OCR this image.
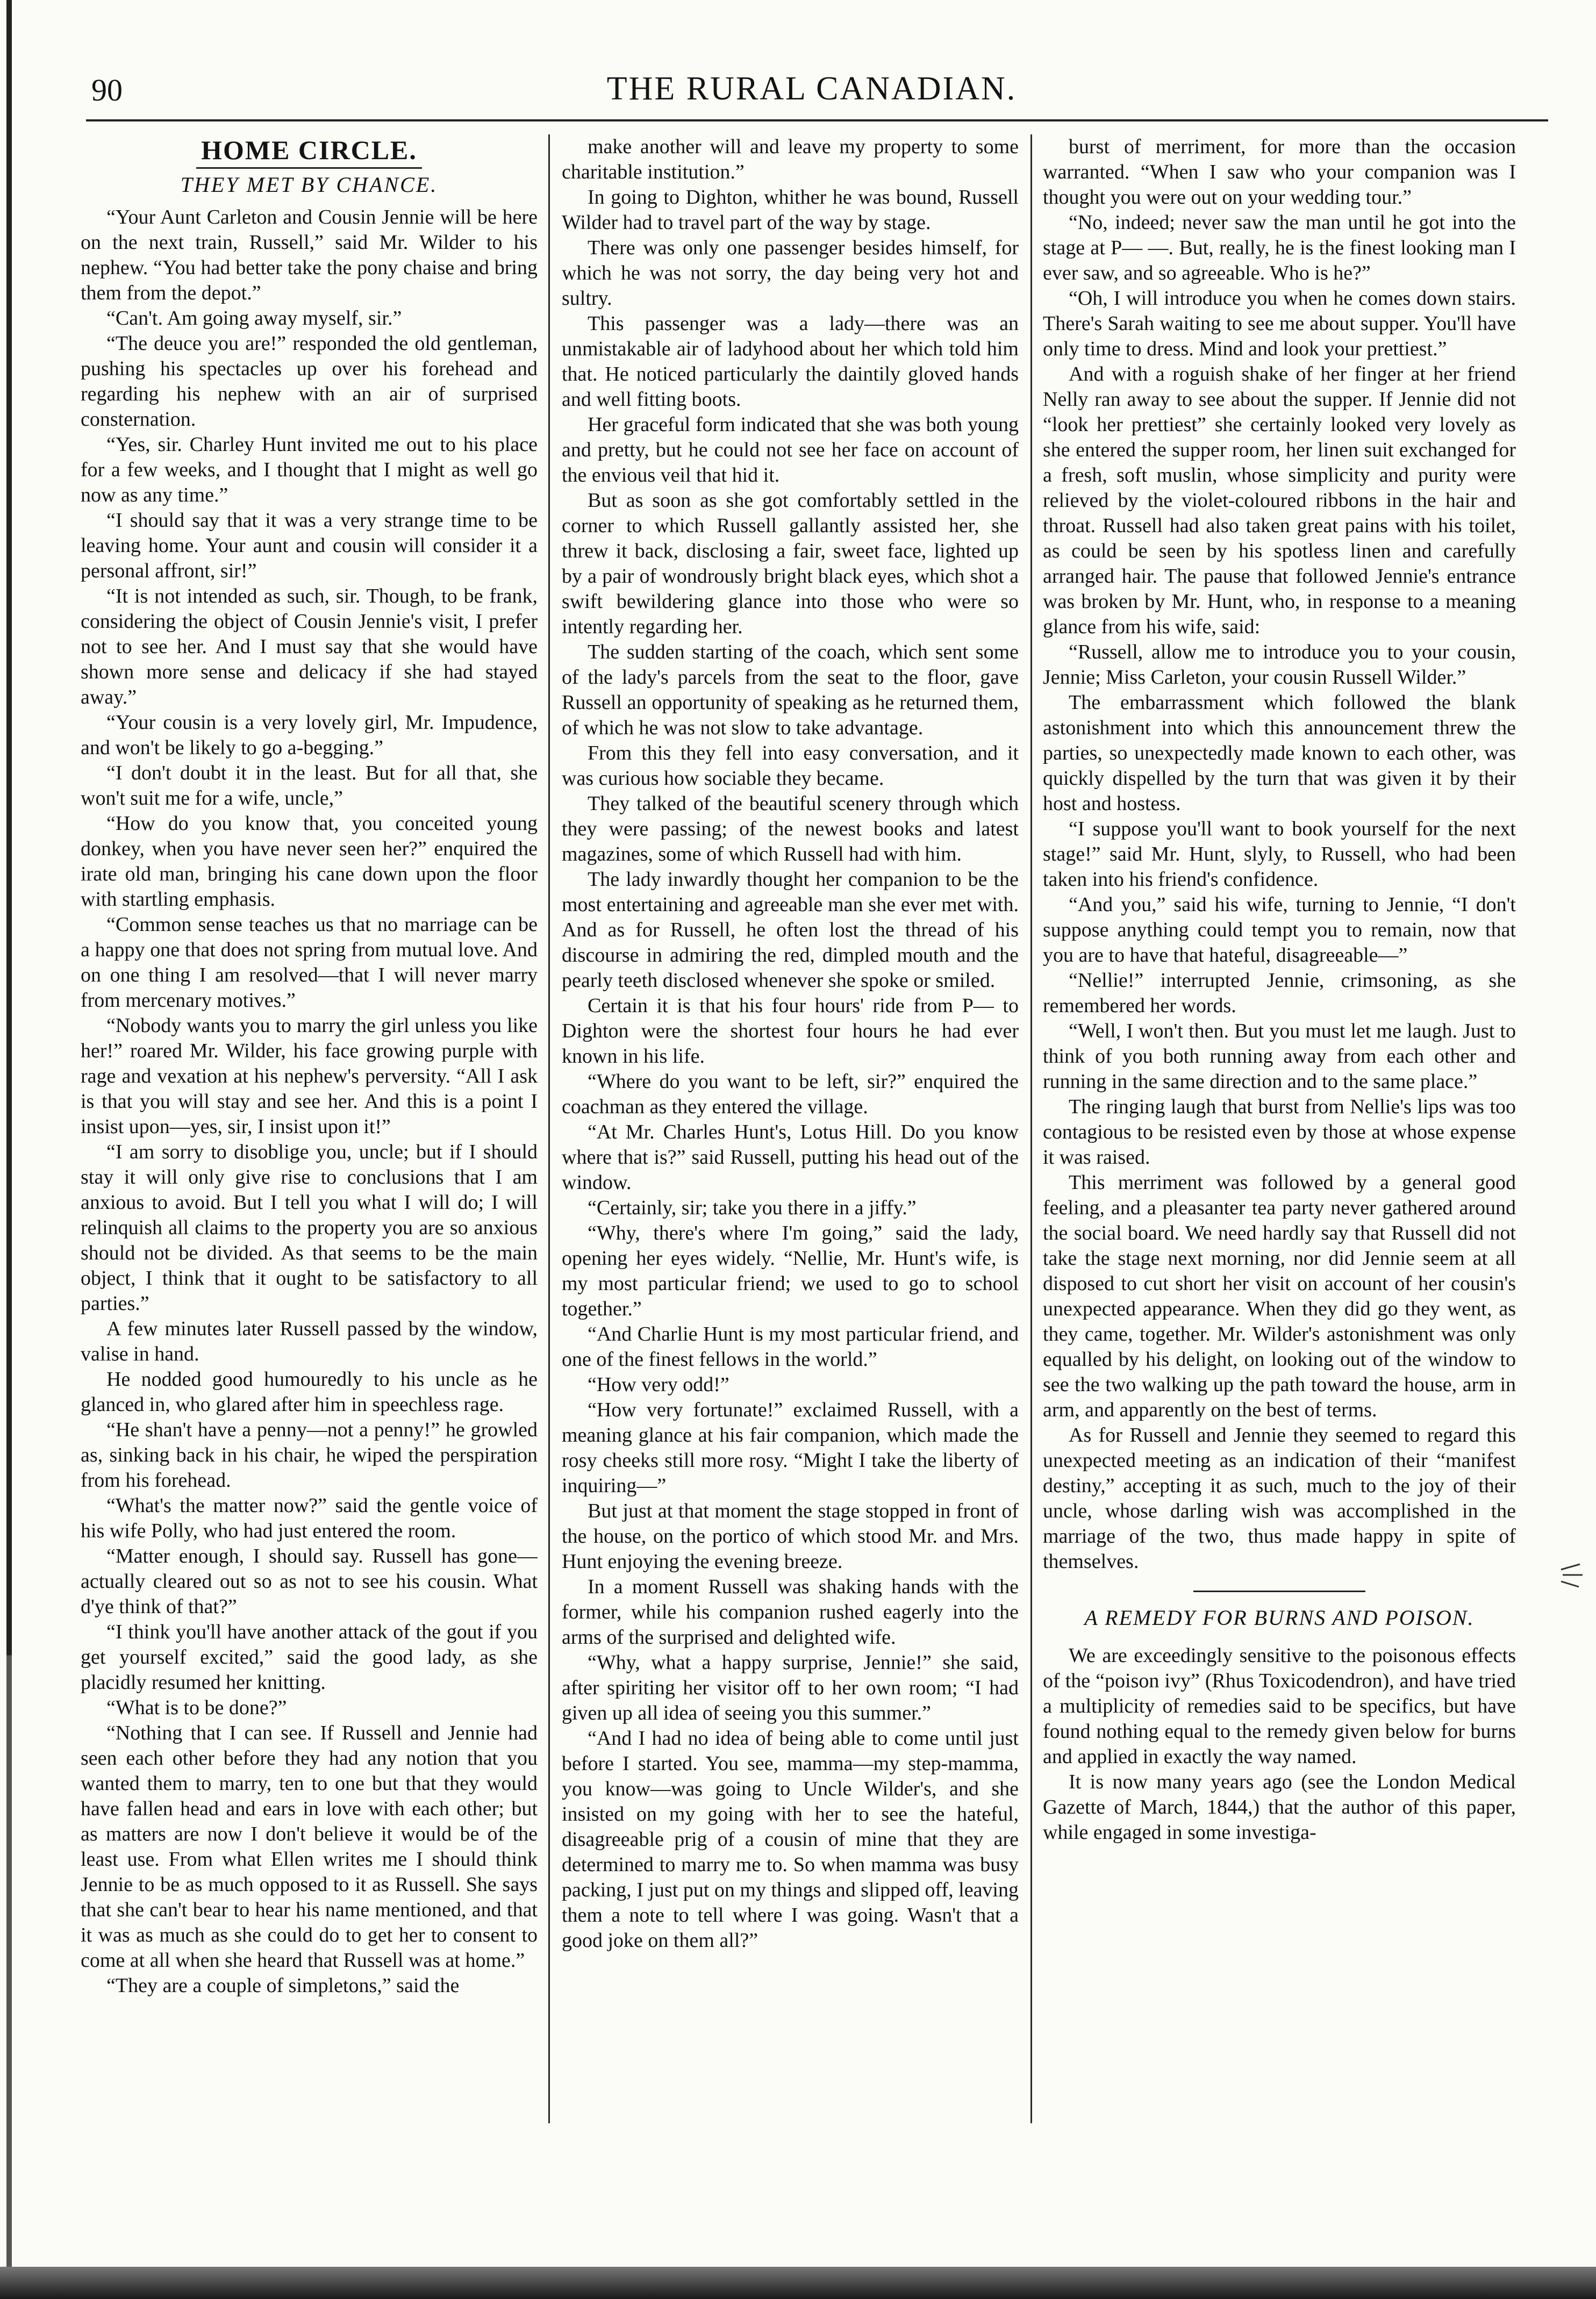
90	THE RURAL CANADIAN.
HOME CIRCLE.
THEY MET BY CHANCE.

“Your Aunt Carleton and Cousin Jennie will be here on the next train, Russell,” said Mr. Wilder to his nephew. “You had better take the pony chaise and bring them from the depot.”

“Can't. Am going away myself, sir.”

“The deuce you are!” responded the old gentleman, pushing his spectacles up over his forehead and regarding his nephew with an air of surprised consternation.

“Yes, sir. Charley Hunt invited me out to his place for a few weeks, and I thought that I might as well go now as any time.”

“I should say that it was a very strange time to be leaving home. Your aunt and cousin will consider it a personal affront, sir!”

“It is not intended as such, sir. Though, to be frank, considering the object of Cousin Jennie's visit, I prefer not to see her. And I must say that she would have shown more sense and delicacy if she had stayed away.”

“Your cousin is a very lovely girl, Mr. Impudence, and won't be likely to go a-begging.”

“I don't doubt it in the least. But for all that, she won't suit me for a wife, uncle,”

“How do you know that, you conceited young donkey, when you have never seen her?” enquired the irate old man, bringing his cane down upon the floor with startling emphasis.

“Common sense teaches us that no marriage can be a happy one that does not spring from mutual love. And on one thing I am resolved—that I will never marry from mercenary motives.”

“Nobody wants you to marry the girl unless you like her!” roared Mr. Wilder, his face growing purple with rage and vexation at his nephew's perversity. “All I ask is that you will stay and see her. And this is a point I insist upon—yes, sir, I insist upon it!”

“I am sorry to disoblige you, uncle; but if I should stay it will only give rise to conclusions that I am anxious to avoid. But I tell you what I will do; I will relinquish all claims to the property you are so anxious should not be divided. As that seems to be the main object, I think that it ought to be satisfactory to all parties.”

A few minutes later Russell passed by the window, valise in hand.

He nodded good humouredly to his uncle as he glanced in, who glared after him in speechless rage.

“He shan't have a penny—not a penny!” he growled as, sinking back in his chair, he wiped the perspiration from his forehead.

“What's the matter now?” said the gentle voice of his wife Polly, who had just entered the room.

“Matter enough, I should say. Russell has gone—actually cleared out so as not to see his cousin. What d'ye think of that?”

“I think you'll have another attack of the gout if you get yourself excited,” said the good lady, as she placidly resumed her knitting.

“What is to be done?”

“Nothing that I can see. If Russell and Jennie had seen each other before they had any notion that you wanted them to marry, ten to one but that they would have fallen head and ears in love with each other; but as matters are now I don't believe it would be of the least use. From what Ellen writes me I should think Jennie to be as much opposed to it as Russell. She says that she can't bear to hear his name mentioned, and that it was as much as she could do to get her to consent to come at all when she heard that Russell was at home.”

“They are a couple of simpletons,” said the

make another will and leave my property to some charitable institution.”

In going to Dighton, whither he was bound, Russell Wilder had to travel part of the way by stage.

There was only one passenger besides himself, for which he was not sorry, the day being very hot and sultry.

This passenger was a lady—there was an unmistakable air of ladyhood about her which told him that. He noticed particularly the daintily gloved hands and well fitting boots.

Her graceful form indicated that she was both young and pretty, but he could not see her face on account of the envious veil that hid it.

But as soon as she got comfortably settled in the corner to which Russell gallantly assisted her, she threw it back, disclosing a fair, sweet face, lighted up by a pair of wondrously bright black eyes, which shot a swift bewildering glance into those who were so intently regarding her.

The sudden starting of the coach, which sent some of the lady's parcels from the seat to the floor, gave Russell an opportunity of speaking as he returned them, of which he was not slow to take advantage.

From this they fell into easy conversation, and it was curious how sociable they became.

They talked of the beautiful scenery through which they were passing; of the newest books and latest magazines, some of which Russell had with him.

The lady inwardly thought her companion to be the most entertaining and agreeable man she ever met with. And as for Russell, he often lost the thread of his discourse in admiring the red, dimpled mouth and the pearly teeth disclosed whenever she spoke or smiled.

Certain it is that his four hours' ride from P— to Dighton were the shortest four hours he had ever known in his life.

“Where do you want to be left, sir?” enquired the coachman as they entered the village.

“At Mr. Charles Hunt's, Lotus Hill. Do you know where that is?” said Russell, putting his head out of the window.

“Certainly, sir; take you there in a jiffy.”

“Why, there's where I'm going,” said the lady, opening her eyes widely. “Nellie, Mr. Hunt's wife, is my most particular friend; we used to go to school together.”

“And Charlie Hunt is my most particular friend, and one of the finest fellows in the world.”

“How very odd!”

“How very fortunate!” exclaimed Russell, with a meaning glance at his fair companion, which made the rosy cheeks still more rosy. “Might I take the liberty of inquiring—”

But just at that moment the stage stopped in front of the house, on the portico of which stood Mr. and Mrs. Hunt enjoying the evening breeze.

In a moment Russell was shaking hands with the former, while his companion rushed eagerly into the arms of the surprised and delighted wife.

“Why, what a happy surprise, Jennie!” she said, after spiriting her visitor off to her own room; “I had given up all idea of seeing you this summer.”

“And I had no idea of being able to come until just before I started. You see, mamma—my step-mamma, you know—was going to Uncle Wilder's, and she insisted on my going with her to see the hateful, disagreeable prig of a cousin of mine that they are determined to marry me to. So when mamma was busy packing, I just put on my things and slipped off, leaving them a note to tell where I was going. Wasn't that a good joke on them all?”

burst of merriment, for more than the occasion warranted. “When I saw who your companion was I thought you were out on your wedding tour.”

“No, indeed; never saw the man until he got into the stage at P— —. But, really, he is the finest looking man I ever saw, and so agreeable. Who is he?”

“Oh, I will introduce you when he comes down stairs. There's Sarah waiting to see me about supper. You'll have only time to dress. Mind and look your prettiest.”

And with a roguish shake of her finger at her friend Nelly ran away to see about the supper. If Jennie did not “look her prettiest” she certainly looked very lovely as she entered the supper room, her linen suit exchanged for a fresh, soft muslin, whose simplicity and purity were relieved by the violet-coloured ribbons in the hair and throat. Russell had also taken great pains with his toilet, as could be seen by his spotless linen and carefully arranged hair. The pause that followed Jennie's entrance was broken by Mr. Hunt, who, in response to a meaning glance from his wife, said:

“Russell, allow me to introduce you to your cousin, Jennie; Miss Carleton, your cousin Russell Wilder.”

The embarrassment which followed the blank astonishment into which this announcement threw the parties, so unexpectedly made known to each other, was quickly dispelled by the turn that was given it by their host and hostess.

“I suppose you'll want to book yourself for the next stage!” said Mr. Hunt, slyly, to Russell, who had been taken into his friend's confidence.

“And you,” said his wife, turning to Jennie, “I don't suppose anything could tempt you to remain, now that you are to have that hateful, disagreeable—”

“Nellie!” interrupted Jennie, crimsoning, as she remembered her words.

“Well, I won't then. But you must let me laugh. Just to think of you both running away from each other and running in the same direction and to the same place.”

The ringing laugh that burst from Nellie's lips was too contagious to be resisted even by those at whose expense it was raised.

This merriment was followed by a general good feeling, and a pleasanter tea party never gathered around the social board. We need hardly say that Russell did not take the stage next morning, nor did Jennie seem at all disposed to cut short her visit on account of her cousin's unexpected appearance. When they did go they went, as they came, together. Mr. Wilder's astonishment was only equalled by his delight, on looking out of the window to see the two walking up the path toward the house, arm in arm, and apparently on the best of terms.

As for Russell and Jennie they seemed to regard this unexpected meeting as an indication of their “manifest destiny,” accepting it as such, much to the joy of their uncle, whose darling wish was accomplished in the marriage of the two, thus made happy in spite of themselves.

A REMEDY FOR BURNS AND POISON.

We are exceedingly sensitive to the poisonous effects of the “poison ivy” (Rhus Toxicodendron), and have tried a multiplicity of remedies said to be specifics, but have found nothing equal to the remedy given below for burns and applied in exactly the way named.

It is now many years ago (see the London Medical Gazette of March, 1844,) that the author of this paper, while engaged in some investiga-
